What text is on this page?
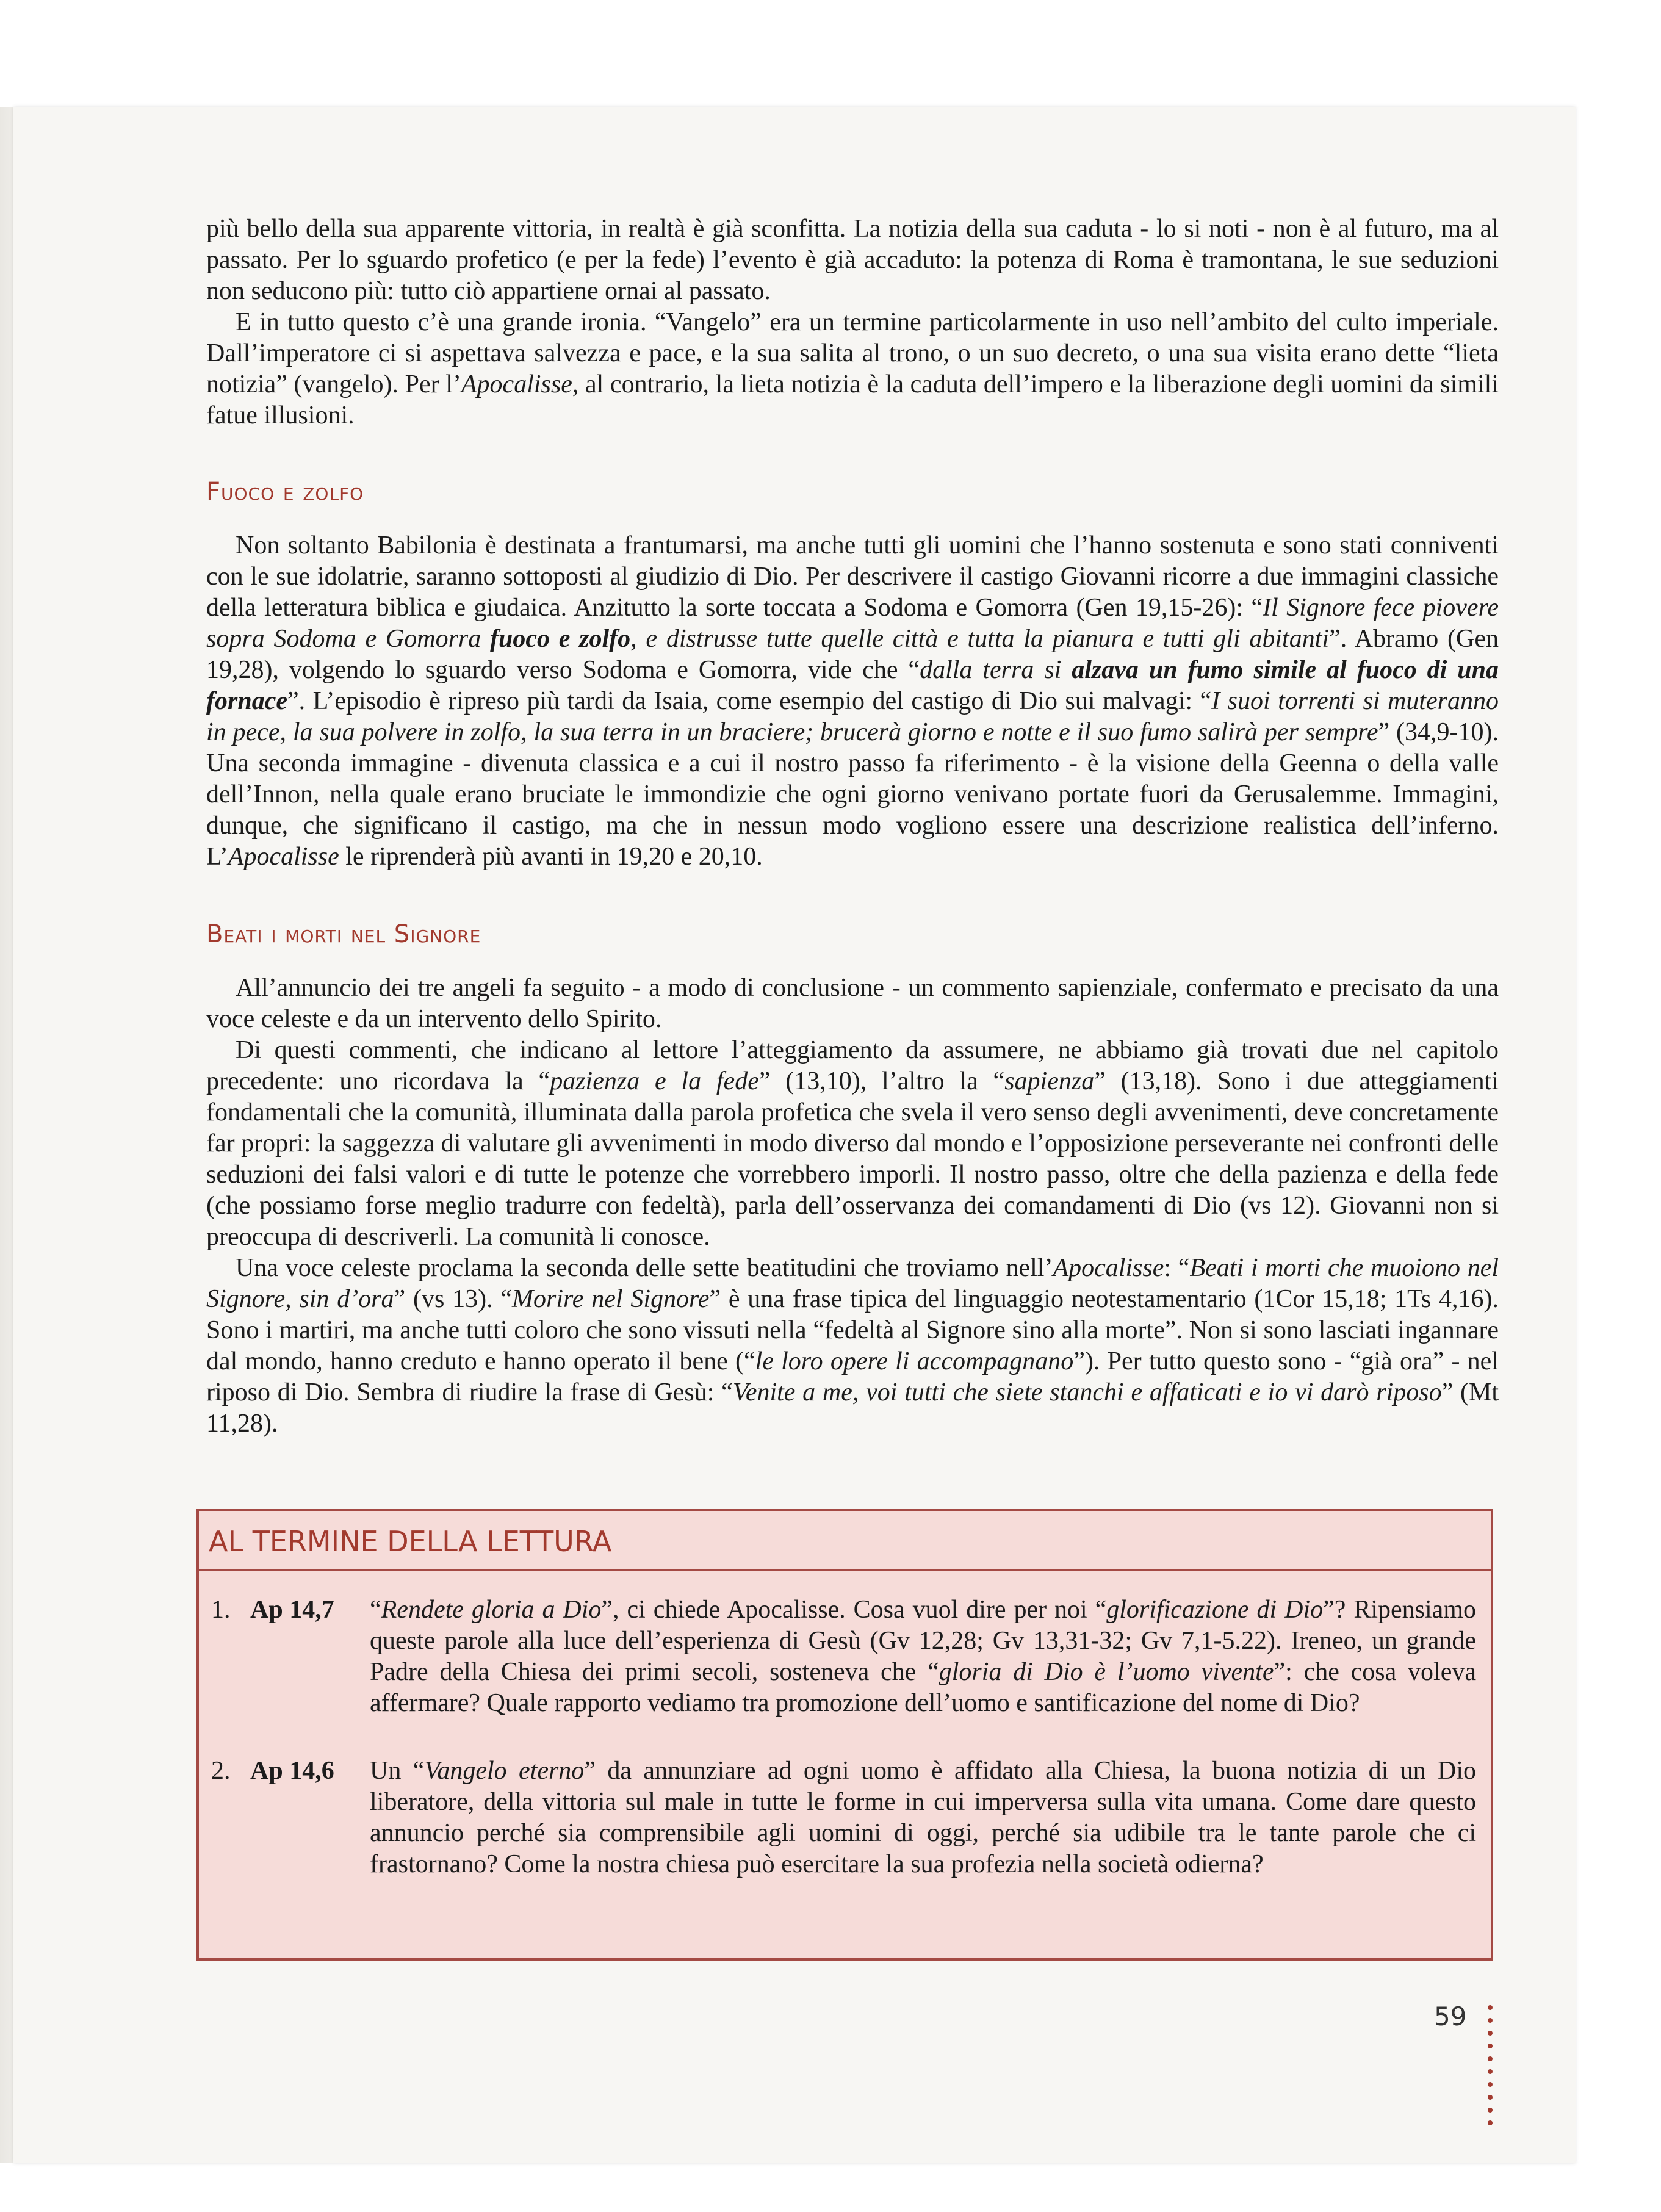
più bello della sua apparente vittoria, in realtà è già sconfitta. La notizia della sua caduta - lo si noti - non è al futuro, ma al passato. Per lo sguardo profetico (e per la fede) l’evento è già accaduto: la potenza di Roma è tramontana, le sue seduzioni non seducono più: tutto ciò appartiene ornai al passato.

E in tutto questo c’è una grande ironia. “Vangelo” era un termine particolarmente in uso nell’ambito del culto imperiale. Dall’imperatore ci si aspettava salvezza e pace, e la sua salita al trono, o un suo decreto, o una sua visita erano dette “lieta notizia” (vangelo). Per l’Apocalisse, al contrario, la lieta notizia è la caduta dell’impero e la liberazione degli uomini da simili fatue illusioni.

Fuoco e zolfo

Non soltanto Babilonia è destinata a frantumarsi, ma anche tutti gli uomini che l’hanno sostenuta e sono stati conniventi con le sue idolatrie, saranno sottoposti al giudizio di Dio. Per descrivere il castigo Giovanni ricorre a due immagini classiche della letteratura biblica e giudaica. Anzitutto la sorte toccata a Sodoma e Gomorra (Gen 19,15-26): “Il Signore fece piovere sopra Sodoma e Gomorra fuoco e zolfo, e distrusse tutte quelle città e tutta la pianura e tutti gli abitanti”. Abramo (Gen 19,28), volgendo lo sguardo verso Sodoma e Gomorra, vide che “dalla terra si alzava un fumo simile al fuoco di una fornace”. L’episodio è ripreso più tardi da Isaia, come esempio del castigo di Dio sui malvagi: “I suoi torrenti si muteranno in pece, la sua polvere in zolfo, la sua terra in un braciere; brucerà giorno e notte e il suo fumo salirà per sempre” (34,9-10). Una seconda immagine - divenuta classica e a cui il nostro passo fa riferimento - è la visione della Geenna o della valle dell’Innon, nella quale erano bruciate le immondizie che ogni giorno venivano portate fuori da Gerusalemme. Immagini, dunque, che significano il castigo, ma che in nessun modo vogliono essere una descrizione realistica dell’inferno. L’Apocalisse le riprenderà più avanti in 19,20 e 20,10.

Beati i morti nel Signore

All’annuncio dei tre angeli fa seguito - a modo di conclusione - un commento sapienziale, confermato e precisato da una voce celeste e da un intervento dello Spirito.

Di questi commenti, che indicano al lettore l’atteggiamento da assumere, ne abbiamo già trovati due nel capitolo precedente: uno ricordava la “pazienza e la fede” (13,10), l’altro la “sapienza” (13,18). Sono i due atteggiamenti fondamentali che la comunità, illuminata dalla parola profetica che svela il vero senso degli avvenimenti, deve concretamente far propri: la saggezza di valutare gli avvenimenti in modo diverso dal mondo e l’opposizione perseverante nei confronti delle seduzioni dei falsi valori e di tutte le potenze che vorrebbero imporli. Il nostro passo, oltre che della pazienza e della fede (che possiamo forse meglio tradurre con fedeltà), parla dell’osservanza dei comandamenti di Dio (vs 12). Giovanni non si preoccupa di descriverli. La comunità li conosce.

Una voce celeste proclama la seconda delle sette beatitudini che troviamo nell’Apocalisse: “Beati i morti che muoiono nel Signore, sin d’ora” (vs 13). “Morire nel Signore” è una frase tipica del linguaggio neotestamentario (1Cor 15,18; 1Ts 4,16). Sono i martiri, ma anche tutti coloro che sono vissuti nella “fedeltà al Signore sino alla morte”. Non si sono lasciati ingannare dal mondo, hanno creduto e hanno operato il bene (“le loro opere li accompagnano”). Per tutto questo sono - “già ora” - nel riposo di Dio. Sembra di riudire la frase di Gesù: “Venite a me, voi tutti che siete stanchi e affaticati e io vi darò riposo” (Mt 11,28).

AL TERMINE DELLA LETTURA
1. Ap 14,7	“Rendete gloria a Dio”, ci chiede Apocalisse. Cosa vuol dire per noi “glorificazione di Dio”? Ripensiamo queste parole alla luce dell’esperienza di Gesù (Gv 12,28; Gv 13,31-32; Gv 7,1-5.22). Ireneo, un grande Padre della Chiesa dei primi secoli, sosteneva che “gloria di Dio è l’uomo vivente”: che cosa voleva affermare? Quale rapporto vediamo tra promozione dell’uomo e santificazione del nome di Dio?
2. Ap 14,6	Un “Vangelo eterno” da annunziare ad ogni uomo è affidato alla Chiesa, la buona notizia di un Dio liberatore, della vittoria sul male in tutte le forme in cui imperversa sulla vita umana. Come dare questo annuncio perché sia comprensibile agli uomini di oggi, perché sia udibile tra le tante parole che ci frastornano? Come la nostra chiesa può esercitare la sua profezia nella società odierna?
59
